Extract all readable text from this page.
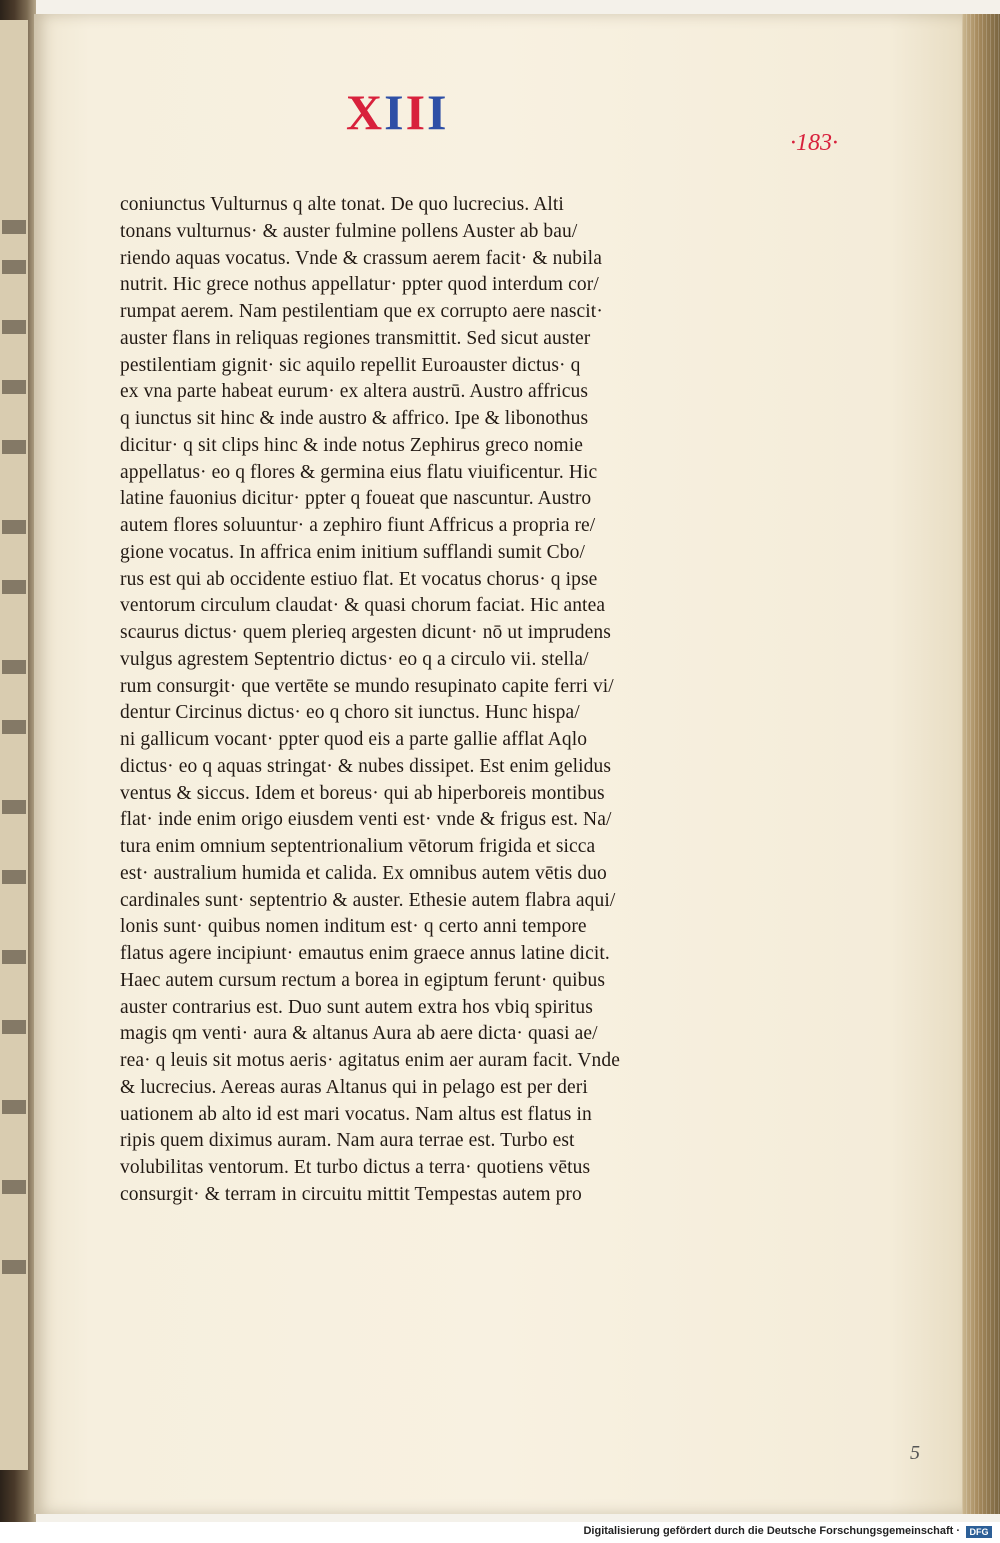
X I I I
·183·
coniunctus Vulturnus q alte tonat. De quo lucrecius. Alti
tonans vulturnus· & auster fulmine pollens Auster ab bau/
riendo aquas vocatus. Vnde & crassum aerem facit· & nubila
nutrit. Hic grece nothus appellatur· ppter quod interdum cor/
rumpat aerem. Nam pestilentiam que ex corrupto aere nascit·
auster flans in reliquas regiones transmittit. Sed sicut auster
pestilentiam gignit· sic aquilo repellit Euroauster dictus· q
ex vna parte habeat eurum· ex altera austrū. Austro affricus
q iunctus sit hinc & inde austro & affrico. Ipe & libonothus
dicitur· q sit clips hinc & inde notus Zephirus greco nomie
appellatus· eo q flores & germina eius flatu viuificentur. Hic
latine fauonius dicitur· ppter q foueat que nascuntur. Austro
autem flores soluuntur· a zephiro fiunt Affricus a propria re/
gione vocatus. In affrica enim initium sufflandi sumit Cbo/
rus est qui ab occidente estiuo flat. Et vocatus chorus· q ipse
ventorum circulum claudat· & quasi chorum faciat. Hic antea
scaurus dictus· quem plerieq argesten dicunt· nō ut imprudens
vulgus agrestem Septentrio dictus· eo q a circulo vii. stella/
rum consurgit· que vertēte se mundo resupinato capite ferri vi/
dentur Circinus dictus· eo q choro sit iunctus. Hunc hispa/
ni gallicum vocant· ppter quod eis a parte gallie afflat Aqlo
dictus· eo q aquas stringat· & nubes dissipet. Est enim gelidus
ventus & siccus. Idem et boreus· qui ab hiperboreis montibus
flat· inde enim origo eiusdem venti est· vnde & frigus est. Na/
tura enim omnium septentrionalium vētorum frigida et sicca
est· australium humida et calida. Ex omnibus autem vētis duo
cardinales sunt· septentrio & auster. Ethesie autem flabra aqui/
lonis sunt· quibus nomen inditum est· q certo anni tempore
flatus agere incipiunt· emautus enim graece annus latine dicit.
Haec autem cursum rectum a borea in egiptum ferunt· quibus
auster contrarius est. Duo sunt autem extra hos vbiq spiritus
magis qm venti· aura & altanus Aura ab aere dicta· quasi ae/
rea· q leuis sit motus aeris· agitatus enim aer auram facit. Vnde
& lucrecius. Aereas auras Altanus qui in pelago est per deri
uationem ab alto id est mari vocatus. Nam altus est flatus in
ripis quem diximus auram. Nam aura terrae est. Turbo est
volubilitas ventorum. Et turbo dictus a terra· quotiens vētus
consurgit· & terram in circuitu mittit Tempestas autem pro
5
Digitalisierung gefördert durch die Deutsche Forschungsgemeinschaft ·	DFG
